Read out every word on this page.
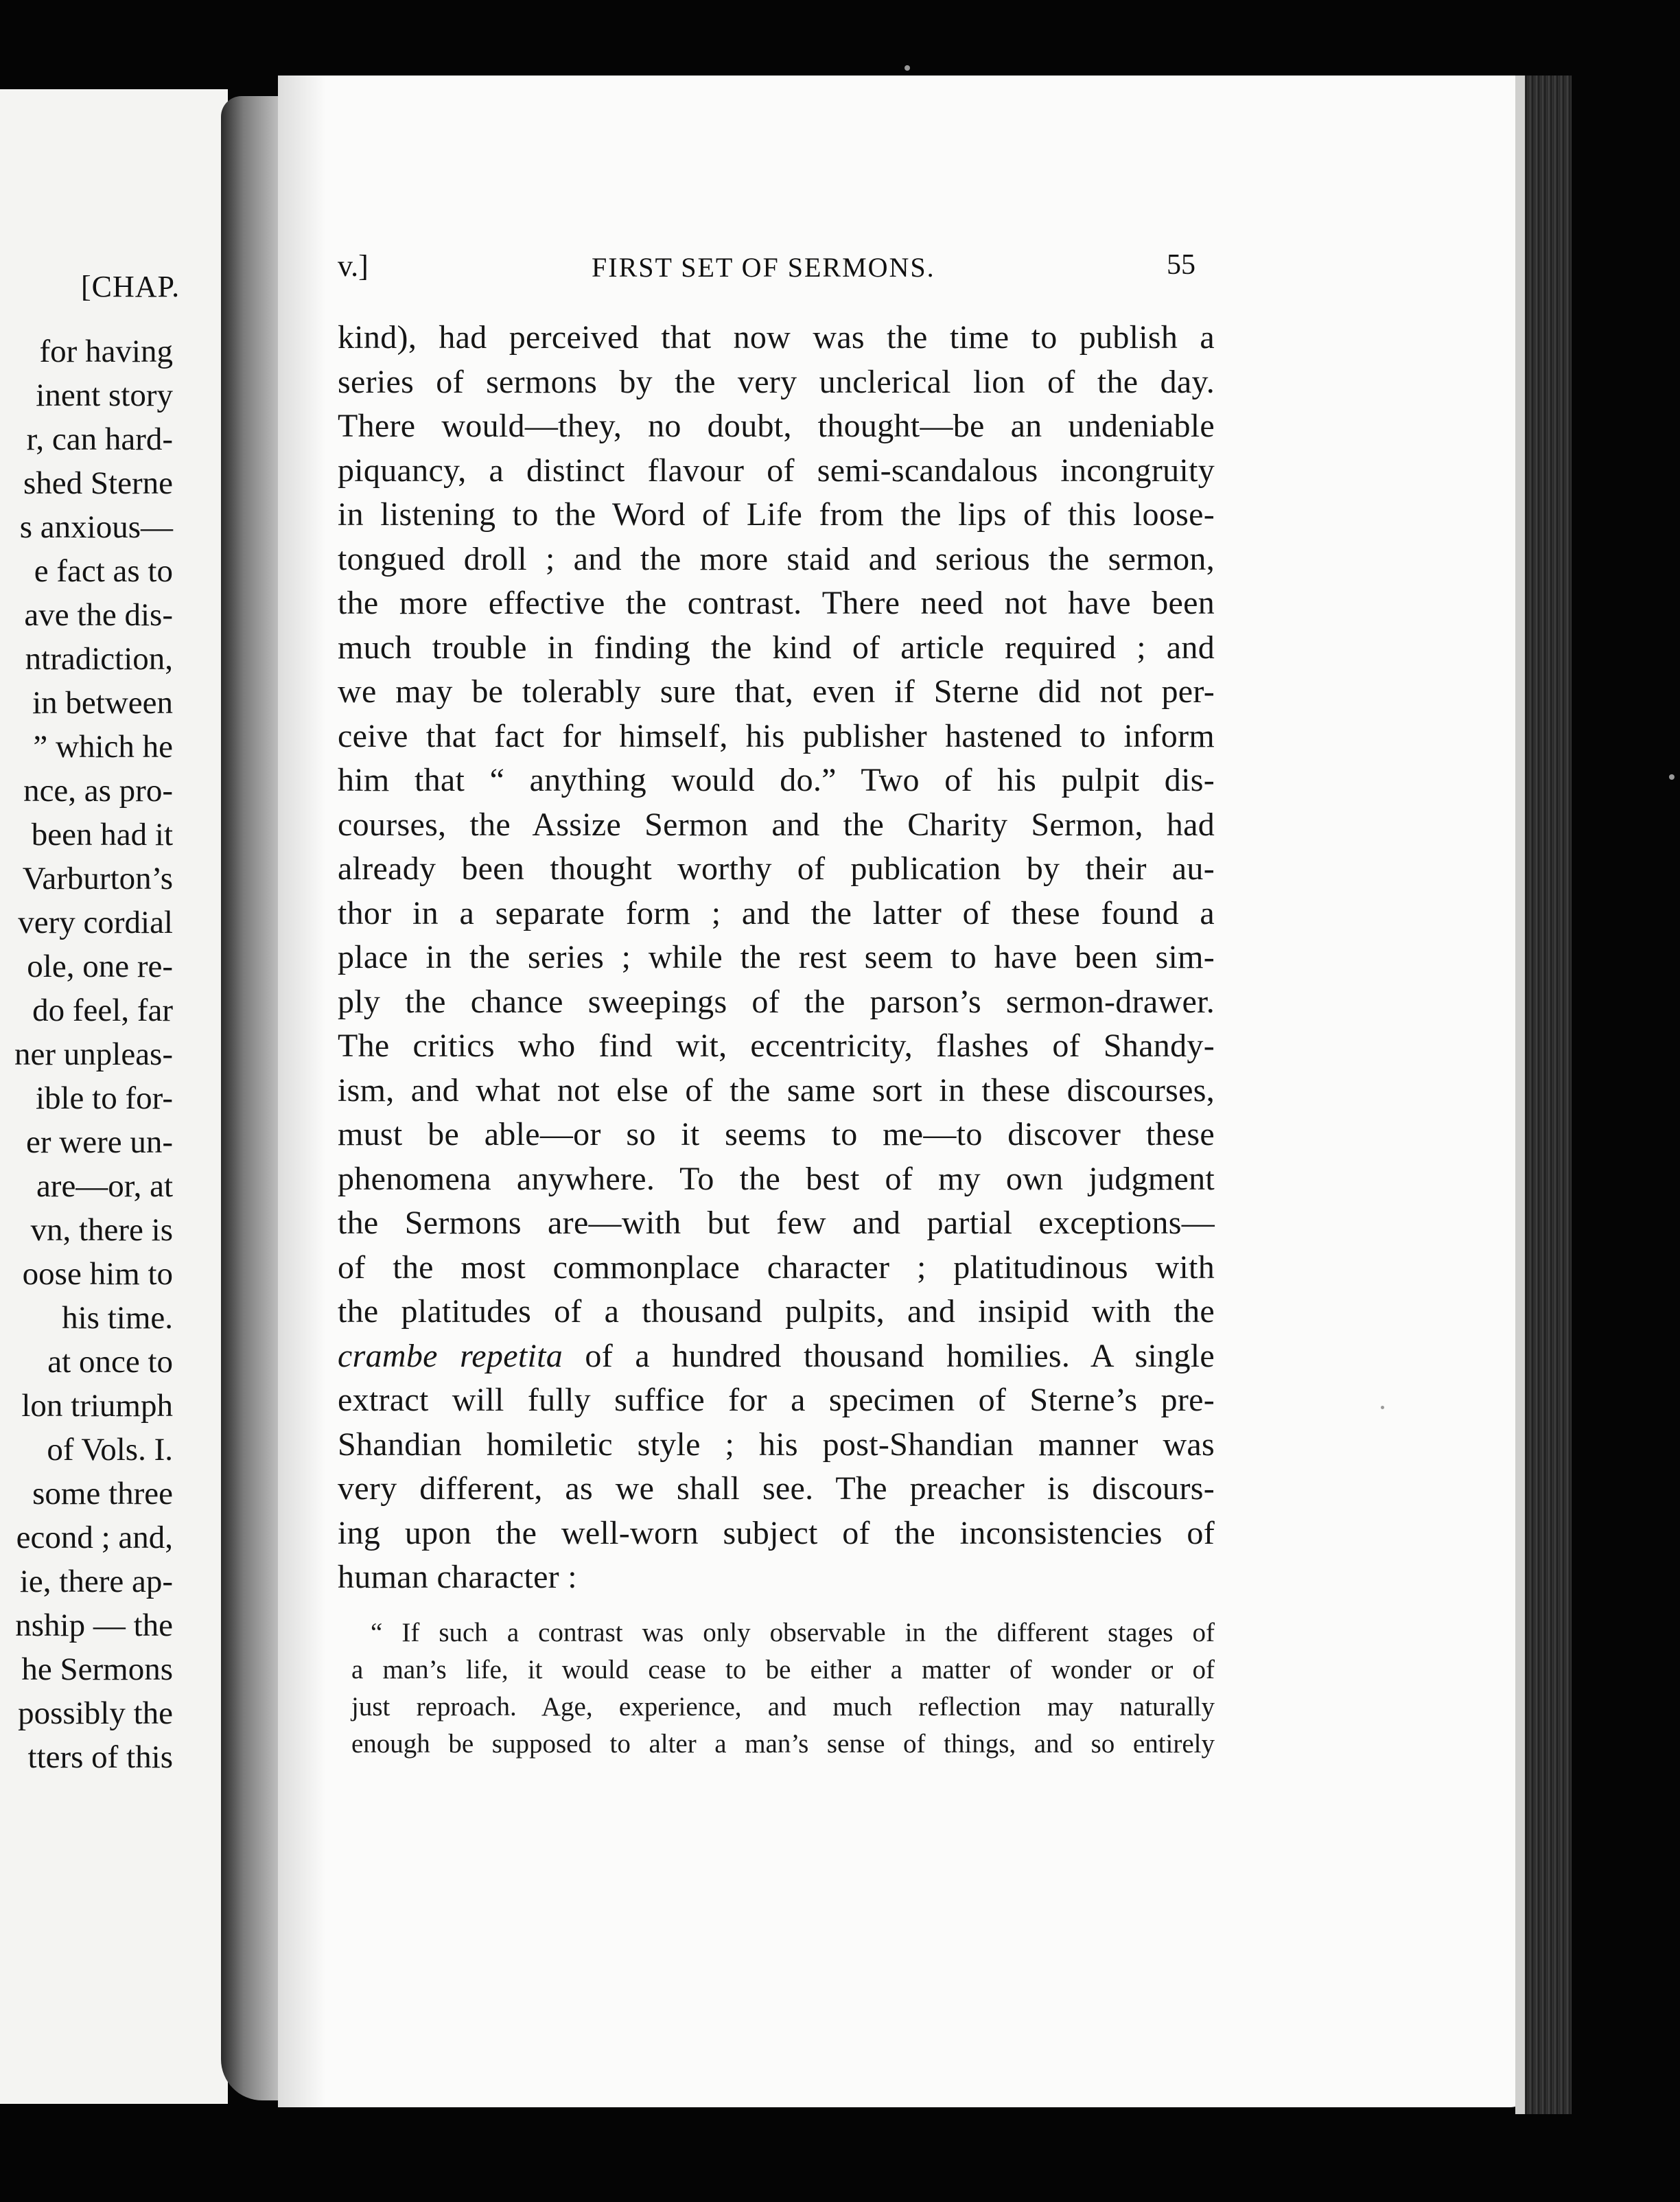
[CHAP.
for having
inent story
r, can hard-
shed Sterne
s anxious—
e fact as to
ave the dis-
ntradiction,
in between
” which he
nce, as pro-
been had it
Varburton’s
very cordial
ole, one re-
do feel, far
ner unpleas-
ible to for-
er were un-
are—or, at
vn, there is
oose him to
his time.
at once to
lon triumph
of Vols. I.
some three
econd ; and,
ie, there ap-
nship — the
he Sermons
possibly the
tters of this
v.]	FIRST SET OF SERMONS.	55
kind), had perceived that now was the time to publish a
series of sermons by the very unclerical lion of the day.
There would—they, no doubt, thought—be an undeniable
piquancy, a distinct flavour of semi-scandalous incongruity
in listening to the Word of Life from the lips of this loose-
tongued droll ; and the more staid and serious the sermon,
the more effective the contrast. There need not have been
much trouble in finding the kind of article required ; and
we may be tolerably sure that, even if Sterne did not per-
ceive that fact for himself, his publisher hastened to inform
him that “ anything would do.” Two of his pulpit dis-
courses, the Assize Sermon and the Charity Sermon, had
already been thought worthy of publication by their au-
thor in a separate form ; and the latter of these found a
place in the series ; while the rest seem to have been sim-
ply the chance sweepings of the parson’s sermon-drawer.
The critics who find wit, eccentricity, flashes of Shandy-
ism, and what not else of the same sort in these discourses,
must be able—or so it seems to me—to discover these
phenomena anywhere. To the best of my own judgment
the Sermons are—with but few and partial exceptions—
of the most commonplace character ; platitudinous with
the platitudes of a thousand pulpits, and insipid with the
crambe repetita of a hundred thousand homilies. A single
extract will fully suffice for a specimen of Sterne’s pre-
Shandian homiletic style ; his post-Shandian manner was
very different, as we shall see. The preacher is discours-
ing upon the well-worn subject of the inconsistencies of
human character :
“ If such a contrast was only observable in the different stages of
a man’s life, it would cease to be either a matter of wonder or of
just reproach. Age, experience, and much reflection may naturally
enough be supposed to alter a man’s sense of things, and so entirely
